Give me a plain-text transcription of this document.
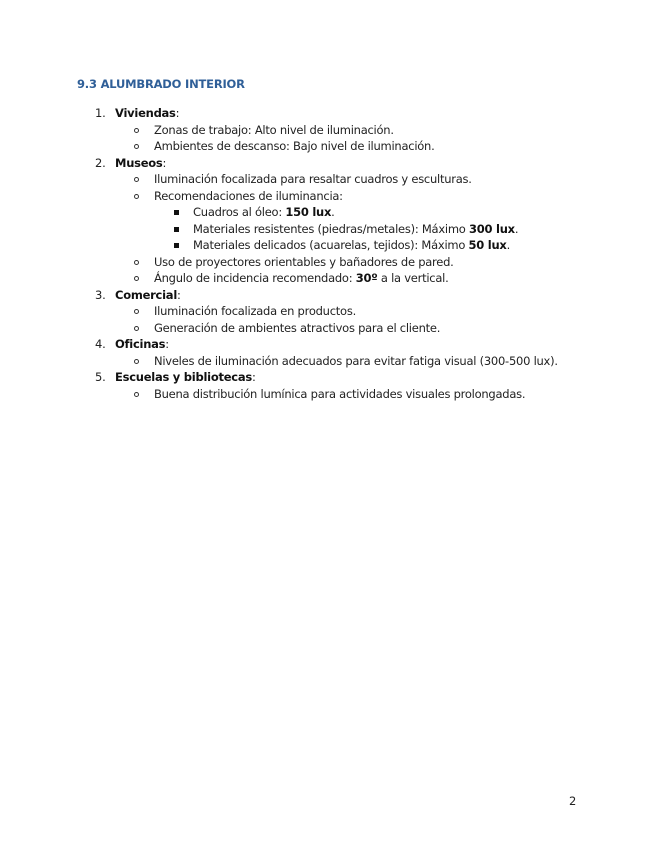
9.3 ALUMBRADO INTERIOR
1. Viviendas:
Zonas de trabajo: Alto nivel de iluminación.
Ambientes de descanso: Bajo nivel de iluminación.
2. Museos:
Iluminación focalizada para resaltar cuadros y esculturas.
Recomendaciones de iluminancia:
Cuadros al óleo: 150 lux.
Materiales resistentes (piedras/metales): Máximo 300 lux.
Materiales delicados (acuarelas, tejidos): Máximo 50 lux.
Uso de proyectores orientables y bañadores de pared.
Ángulo de incidencia recomendado: 30º a la vertical.
3. Comercial:
Iluminación focalizada en productos.
Generación de ambientes atractivos para el cliente.
4. Oficinas:
Niveles de iluminación adecuados para evitar fatiga visual (300-500 lux).
5. Escuelas y bibliotecas:
Buena distribución lumínica para actividades visuales prolongadas.
2
